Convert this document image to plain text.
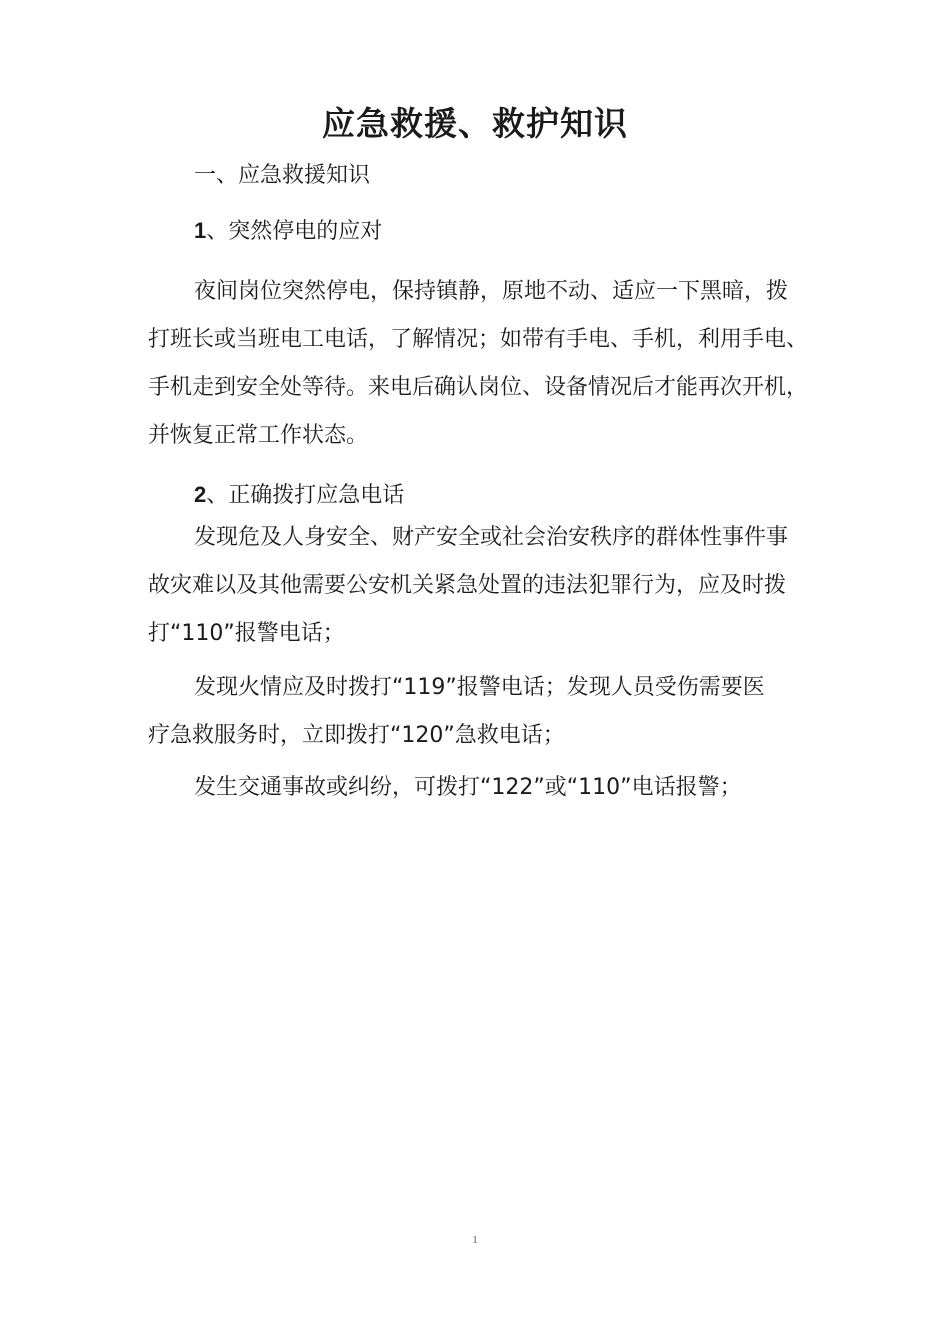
应急救援、救护知识

一、应急救援知识

1、突然停电的应对

夜间岗位突然停电，保持镇静，原地不动、适应一下黑暗，拨
打班长或当班电工电话，了解情况；如带有手电、手机，利用手电、
手机走到安全处等待。来电后确认岗位、设备情况后才能再次开机，
并恢复正常工作状态。

2、正确拨打应急电话

发现危及人身安全、财产安全或社会治安秩序的群体性事件事
故灾难以及其他需要公安机关紧急处置的违法犯罪行为，应及时拨
打“110”报警电话；
发现火情应及时拨打“119”报警电话；发现人员受伤需要医
疗急救服务时，立即拨打“120”急救电话；
发生交通事故或纠纷，可拨打“122”或“110”电话报警；
1
